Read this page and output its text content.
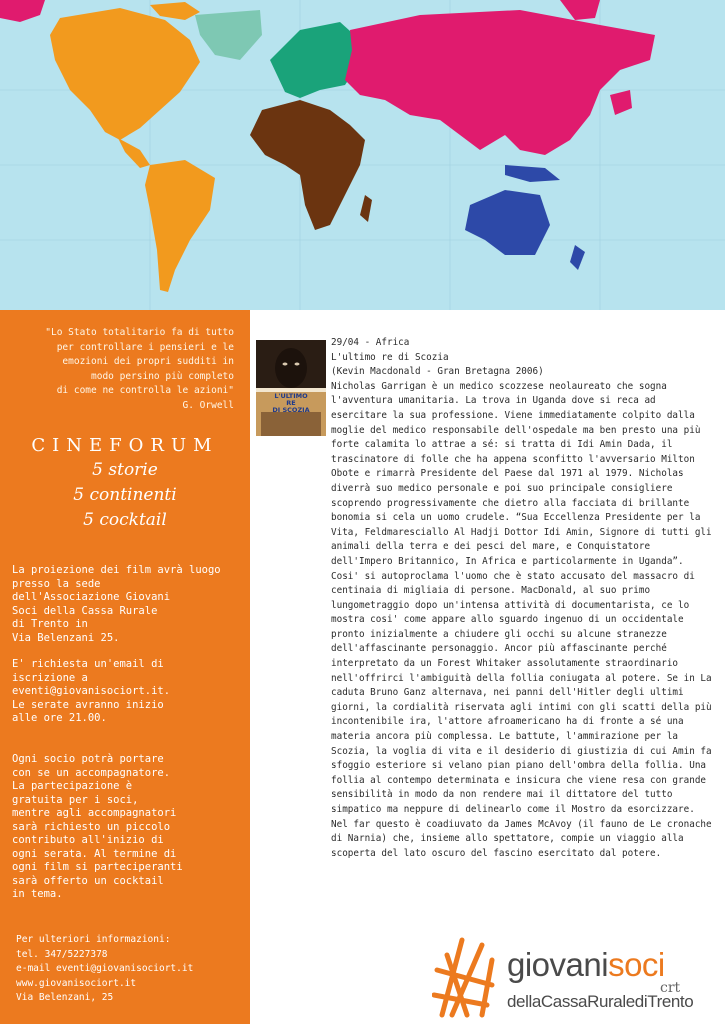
"Lo Stato totalitario fa di tutto
per controllare i pensieri e le
emozioni dei propri sudditi in
modo persino più completo
di come ne controlla le azioni"
G. Orwell
CINEFORUM
5 storie
5 continenti
5 cocktail

La proiezione dei film avrà luogo
presso la sede
dell'Associazione Giovani
Soci della Cassa Rurale
di Trento in
Via Belenzani 25.

E' richiesta un'email di
iscrizione a
eventi@giovanisociort.it.
Le serate avranno inizio
alle ore 21.00.

Ogni socio potrà portare
con se un accompagnatore.
La partecipazione è
gratuita per i soci,
mentre agli accompagnatori
sarà richiesto un piccolo
contributo all'inizio di
ogni serata. Al termine di
ogni film si parteciperanti
sarà offerto un cocktail
in tema.

Per ulteriori informazioni:
tel. 347/5227378
e-mail eventi@giovanisociort.it
www.giovanisociort.it
Via Belenzani, 25
L'ULTIMO
RE
DI SCOZIA
29/04 - Africa
L'ultimo re di Scozia
(Kevin Macdonald - Gran Bretagna 2006)

Nicholas Garrigan è un medico scozzese neolaureato che sogna l'avventura umanitaria. La trova in Uganda dove si reca ad esercitare la sua professione. Viene immediatamente colpito dalla moglie del medico responsabile dell'ospedale ma ben presto una più forte calamita lo attrae a sé: si tratta di Idi Amin Dada, il trascinatore di folle che ha appena sconfitto l'avversario Milton Obote e rimarrà Presidente del Paese dal 1971 al 1979. Nicholas diverrà suo medico personale e poi suo principale consigliere scoprendo progressivamente che dietro alla facciata di brillante bonomia si cela un uomo crudele. “Sua Eccellenza Presidente per la Vita, Feldmaresciallo Al Hadji Dottor Idi Amin, Signore di tutti gli animali della terra e dei pesci del mare, e Conquistatore dell'Impero Britannico, In Africa e particolarmente in Uganda”. Cosi' si autoproclama l'uomo che è stato accusato del massacro di centinaia di migliaia di persone. MacDonald, al suo primo lungometraggio dopo un'intensa attività di documentarista, ce lo mostra cosi' come appare allo sguardo ingenuo di un occidentale pronto inizialmente a chiudere gli occhi su alcune stranezze dell'affascinante personaggio. Ancor più affascinante perché interpretato da un Forest Whitaker assolutamente straordinario nell'offrirci l'ambiguità della follia coniugata al potere. Se in La caduta Bruno Ganz alternava, nei panni dell'Hitler degli ultimi giorni, la cordialità riservata agli intimi con gli scatti della più incontenibile ira, l'attore afroamericano ha di fronte a sé una materia ancora più complessa. Le battute, l'ammirazione per la Scozia, la voglia di vita e il desiderio di giustizia di cui Amin fa sfoggio esteriore si velano pian piano dell'ombra della follia. Una follia al contempo determinata e insicura che viene resa con grande sensibilità in modo da non rendere mai il dittatore del tutto simpatico ma neppure di delinearlo come il Mostro da esorcizzare. Nel far questo è coadiuvato da James McAvoy (il fauno de Le cronache di Narnia) che, insieme allo spettatore, compie un viaggio alla scoperta del lato oscuro del fascino esercitato dal potere.

giovanisoci
crt
dellaCassaRuralediTrento
